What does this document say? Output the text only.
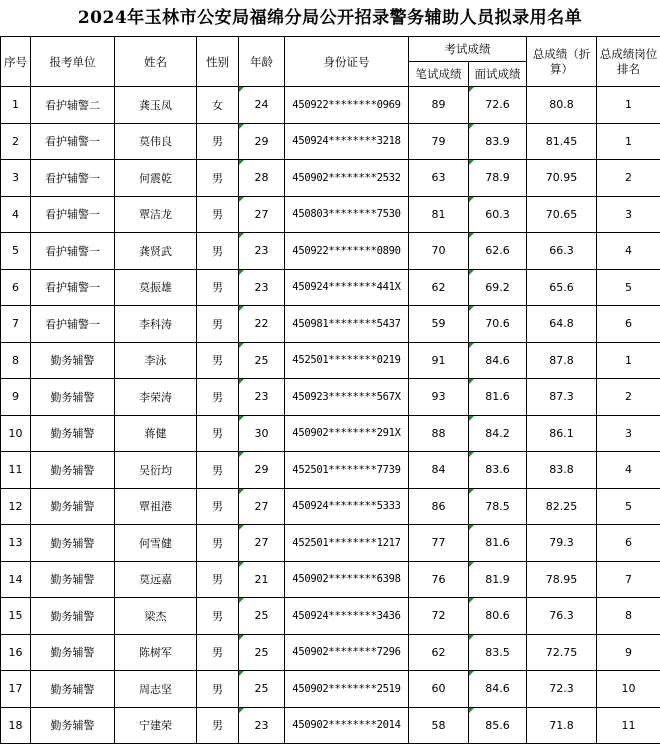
2024年玉林市公安局福绵分局公开招录警务辅助人员拟录用名单
序号	报考单位	姓名	性别	年龄	身份证号	考试成绩		总成绩（折算）	总成绩岗位排名
						笔试成绩	面试成绩		
1	看护辅警二	龚玉凤	女	24	450922********0969	89	72.6	80.8	1
2	看护辅警一	莫伟良	男	29	450924********3218	79	83.9	81.45	1
3	看护辅警一	何震乾	男	28	450902********2532	63	78.9	70.95	2
4	看护辅警一	覃洁龙	男	27	450803********7530	81	60.3	70.65	3
5	看护辅警一	龚贤武	男	23	450922********0890	70	62.6	66.3	4
6	看护辅警一	莫振雄	男	23	450924********441X	62	69.2	65.6	5
7	看护辅警一	李科涛	男	22	450981********5437	59	70.6	64.8	6
8	勤务辅警	李泳	男	25	452501********0219	91	84.6	87.8	1
9	勤务辅警	李荣涛	男	23	450923********567X	93	81.6	87.3	2
10	勤务辅警	蒋健	男	30	450902********291X	88	84.2	86.1	3
11	勤务辅警	吴衍均	男	29	452501********7739	84	83.6	83.8	4
12	勤务辅警	覃祖港	男	27	450924********5333	86	78.5	82.25	5
13	勤务辅警	何雪健	男	27	452501********1217	77	81.6	79.3	6
14	勤务辅警	莫远嘉	男	21	450902********6398	76	81.9	78.95	7
15	勤务辅警	梁杰	男	25	450924********3436	72	80.6	76.3	8
16	勤务辅警	陈树军	男	25	450902********7296	62	83.5	72.75	9
17	勤务辅警	周志坚	男	25	450902********2519	60	84.6	72.3	10
18	勤务辅警	宁建荣	男	23	450902********2014	58	85.6	71.8	11
